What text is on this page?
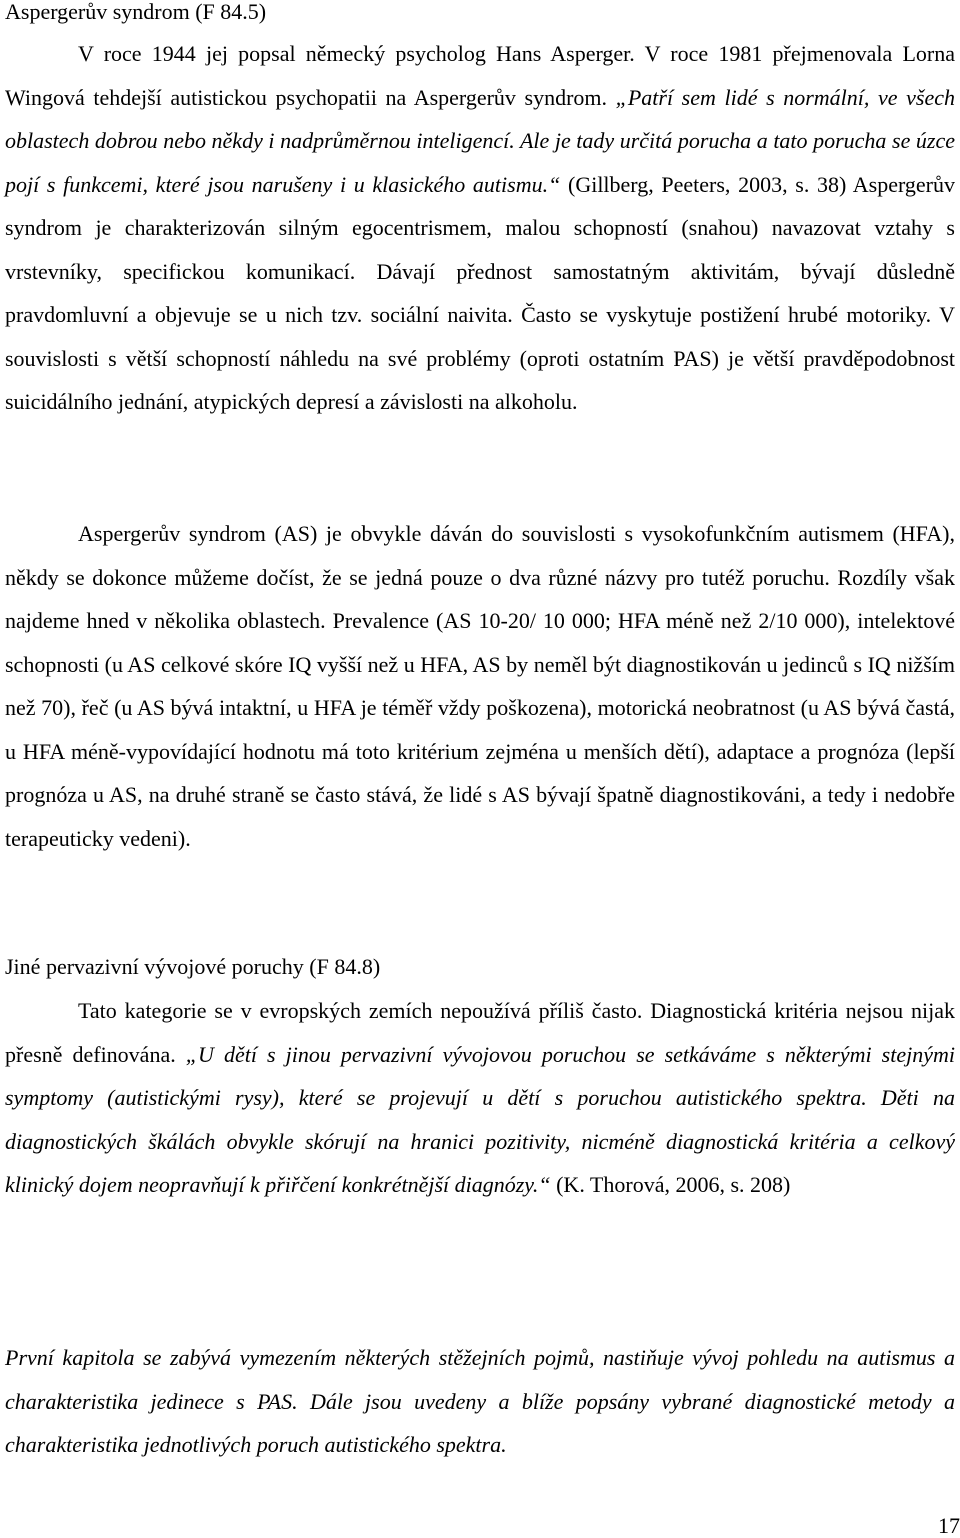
Aspergerův syndrom (F 84.5)

V roce 1944 jej popsal německý psycholog Hans Asperger. V roce 1981 přejmenovala Lorna Wingová tehdejší autistickou psychopatii na Aspergerův syndrom. „Patří sem lidé s normální, ve všech oblastech dobrou nebo někdy i nadprůměrnou inteligencí. Ale je tady určitá porucha a tato porucha se úzce pojí s funkcemi, které jsou narušeny i u klasického autismu.“ (Gillberg, Peeters, 2003, s. 38) Aspergerův syndrom je charakterizován silným egocentrismem, malou schopností (snahou) navazovat vztahy s vrstevníky, specifickou komunikací. Dávají přednost samostatným aktivitám, bývají důsledně pravdomluvní a objevuje se u nich tzv. sociální naivita. Často se vyskytuje postižení hrubé motoriky. V souvislosti s větší schopností náhledu na své problémy (oproti ostatním PAS) je větší pravděpodobnost suicidálního jednání, atypických depresí a závislosti na alkoholu.

Aspergerův syndrom (AS) je obvykle dáván do souvislosti s vysokofunkčním autismem (HFA), někdy se dokonce můžeme dočíst, že se jedná pouze o dva různé názvy pro tutéž poruchu. Rozdíly však najdeme hned v několika oblastech. Prevalence (AS 10-20/ 10 000; HFA méně než 2/10 000), intelektové schopnosti (u AS celkové skóre IQ vyšší než u HFA, AS by neměl být diagnostikován u jedinců s IQ nižším než 70), řeč (u AS bývá intaktní, u HFA je téměř vždy poškozena), motorická neobratnost (u AS bývá častá, u HFA méně-vypovídající hodnotu má toto kritérium zejména u menších dětí), adaptace a prognóza (lepší prognóza u AS, na druhé straně se často stává, že lidé s AS bývají špatně diagnostikováni, a tedy i nedobře terapeuticky vedeni).

Jiné pervazivní vývojové poruchy (F 84.8)

Tato kategorie se v evropských zemích nepoužívá příliš často. Diagnostická kritéria nejsou nijak přesně definována. „U dětí s jinou pervazivní vývojovou poruchou se setkáváme s některými stejnými symptomy (autistickými rysy), které se projevují u dětí s poruchou autistického spektra. Děti na diagnostických škálách obvykle skórují na hranici pozitivity, nicméně diagnostická kritéria a celkový klinický dojem neopravňují k přiřčení konkrétnější diagnózy.“ (K. Thorová, 2006, s. 208)

První kapitola se zabývá vymezením některých stěžejních pojmů, nastiňuje vývoj pohledu na autismus a charakteristika jedinece s PAS. Dále jsou uvedeny a blíže popsány vybrané diagnostické metody a charakteristika jednotlivých poruch autistického spektra.

17
